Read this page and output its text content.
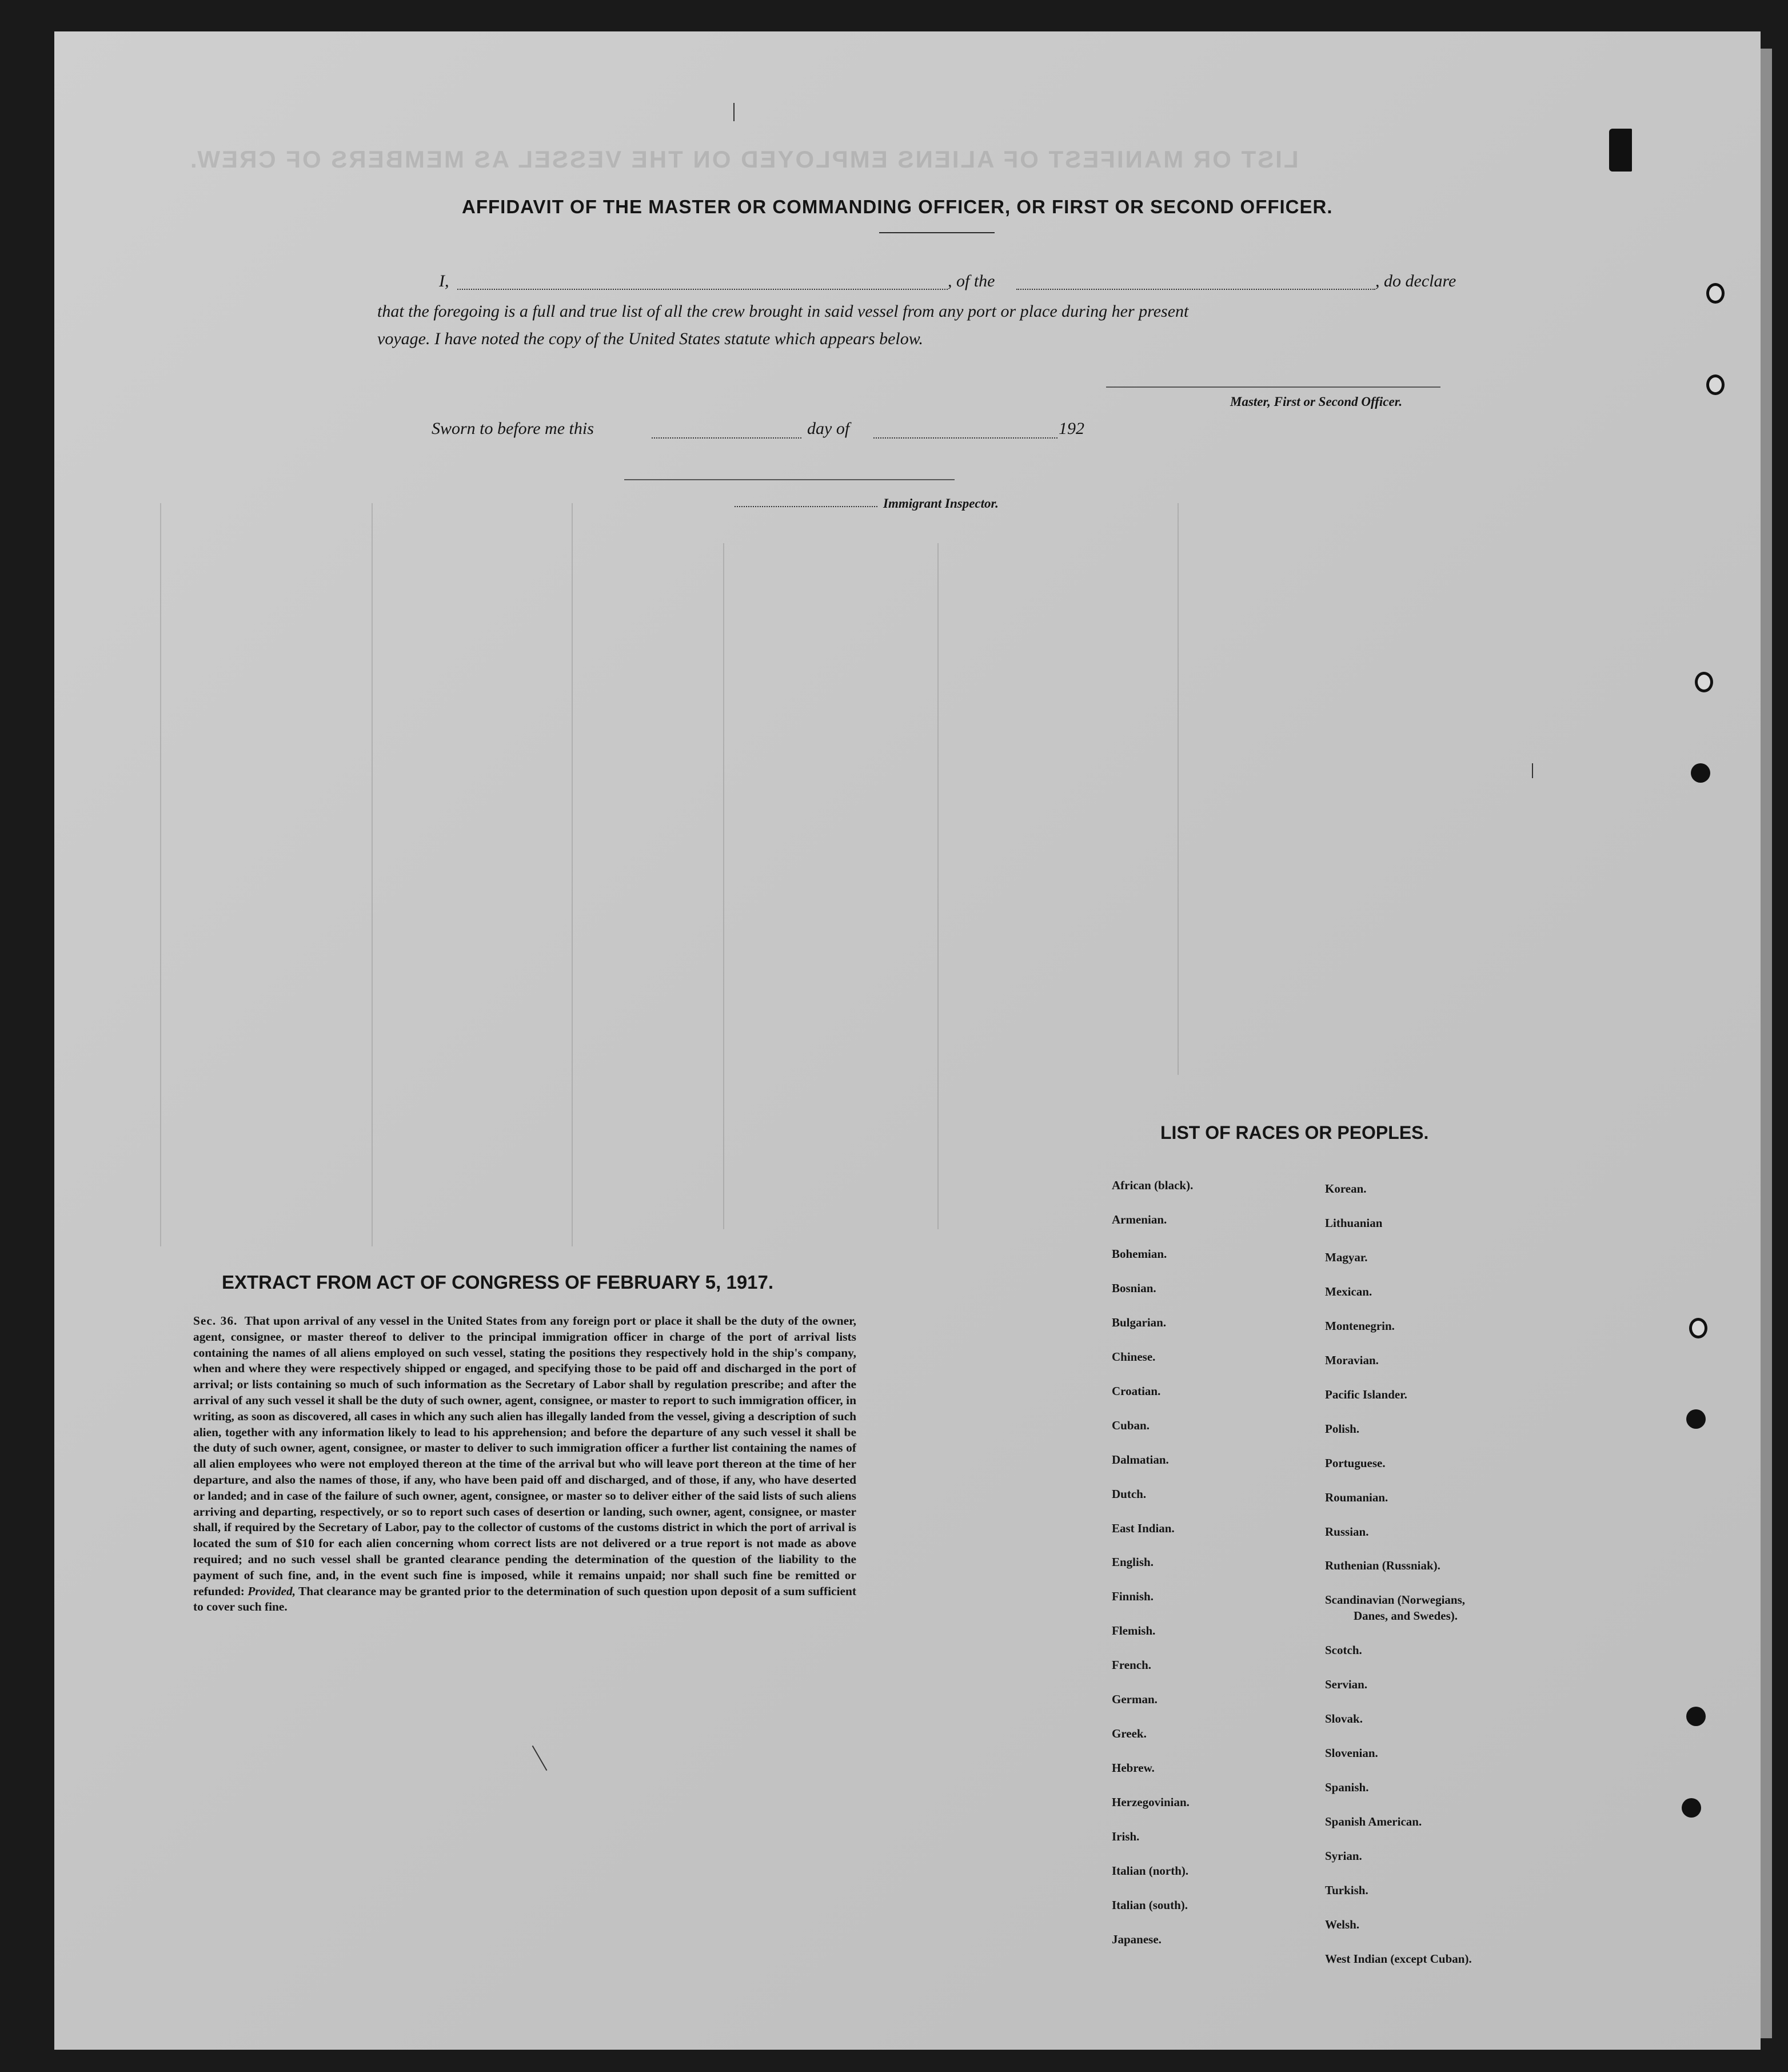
LIST OR MANIFEST OF ALIENS EMPLOYED ON THE VESSEL AS MEMBERS OF CREW.
AFFIDAVIT OF THE MASTER OR COMMANDING OFFICER, OR FIRST OR SECOND OFFICER.
I,	, of the	, do declare
that the foregoing is a full and true list of all the crew brought in said vessel from any port or place during her present
voyage. I have noted the copy of the United States statute which appears below.
Master, First or Second Officer.
Sworn to before me this	day of	192
Immigrant Inspector.
EXTRACT FROM ACT OF CONGRESS OF FEBRUARY 5, 1917.
Sec. 36. That upon arrival of any vessel in the United States from any foreign port or place it shall be the duty of the owner, agent, consignee, or master thereof to deliver to the principal immigration officer in charge of the port of arrival lists containing the names of all aliens employed on such vessel, stating the positions they respectively hold in the ship's company, when and where they were respectively shipped or engaged, and specifying those to be paid off and discharged in the port of arrival; or lists containing so much of such information as the Secretary of Labor shall by regulation prescribe; and after the arrival of any such vessel it shall be the duty of such owner, agent, consignee, or master to report to such immigration officer, in writing, as soon as discovered, all cases in which any such alien has illegally landed from the vessel, giving a description of such alien, together with any information likely to lead to his apprehension; and before the departure of any such vessel it shall be the duty of such owner, agent, consignee, or master to deliver to such immigration officer a further list containing the names of all alien employees who were not employed thereon at the time of the arrival but who will leave port thereon at the time of her departure, and also the names of those, if any, who have been paid off and discharged, and of those, if any, who have deserted or landed; and in case of the failure of such owner, agent, consignee, or master so to deliver either of the said lists of such aliens arriving and departing, respectively, or so to report such cases of desertion or landing, such owner, agent, consignee, or master shall, if required by the Secretary of Labor, pay to the collector of customs of the customs district in which the port of arrival is located the sum of $10 for each alien concerning whom correct lists are not delivered or a true report is not made as above required; and no such vessel shall be granted clearance pending the determination of the question of the liability to the payment of such fine, and, in the event such fine is imposed, while it remains unpaid; nor shall such fine be remitted or refunded: Provided, That clearance may be granted prior to the determination of such question upon deposit of a sum sufficient to cover such fine.
LIST OF RACES OR PEOPLES.
African (black).
Armenian.
Bohemian.
Bosnian.
Bulgarian.
Chinese.
Croatian.
Cuban.
Dalmatian.
Dutch.
East Indian.
English.
Finnish.
Flemish.
French.
German.
Greek.
Hebrew.
Herzegovinian.
Irish.
Italian (north).
Italian (south).
Japanese.
Korean.
Lithuanian
Magyar.
Mexican.
Montenegrin.
Moravian.
Pacific Islander.
Polish.
Portuguese.
Roumanian.
Russian.
Ruthenian (Russniak).
Scandinavian (Norwegians,
Danes, and Swedes).
Scotch.
Servian.
Slovak.
Slovenian.
Spanish.
Spanish American.
Syrian.
Turkish.
Welsh.
West Indian (except Cuban).
